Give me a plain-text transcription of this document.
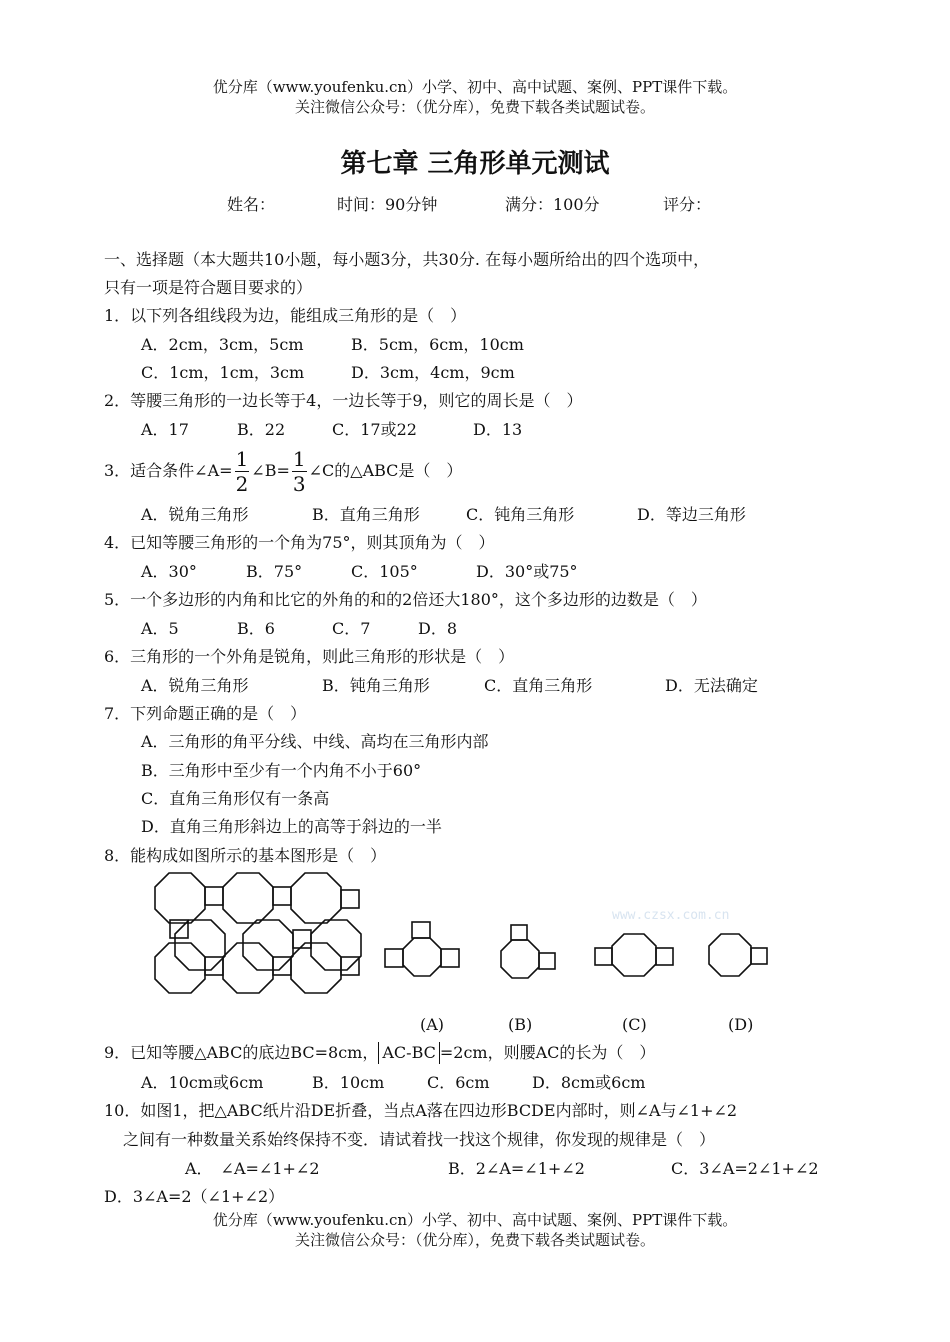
优分库（www.youfenku.cn）小学、初中、高中试题、案例、PPT课件下载。
关注微信公众号：（优分库），免费下载各类试题试卷。
第七章 三角形单元测试
姓名：	时间：90分钟	满分：100分	评分：
一、选择题（本大题共10小题，每小题3分，共30分. 在每小题所给出的四个选项中，
只有一项是符合题目要求的）
1．以下列各组线段为边，能组成三角形的是（　）
A．2cm，3cm，5cm	B．5cm，6cm，10cm
C．1cm，1cm，3cm	D．3cm，4cm，9cm
2．等腰三角形的一边长等于4，一边长等于9，则它的周长是（　）
A．17	B．22	C．17或22	D．13
3．适合条件∠A= $\frac{1}{2}$ ∠B= $\frac{1}{3}$ ∠C的△ABC是（　）
A．锐角三角形	B．直角三角形	C．钝角三角形	D．等边三角形
4．已知等腰三角形的一个角为75°，则其顶角为（　）
A．30°	B．75°	C．105°	D．30°或75°
5．一个多边形的内角和比它的外角的和的2倍还大180°，这个多边形的边数是（　）
A．5	B．6	C．7	D．8
6．三角形的一个外角是锐角，则此三角形的形状是（　）
A．锐角三角形	B．钝角三角形	C．直角三角形	D．无法确定
7．下列命题正确的是（　）
A．三角形的角平分线、中线、高均在三角形内部
B．三角形中至少有一个内角不小于60°
C．直角三角形仅有一条高
D．直角三角形斜边上的高等于斜边的一半
8．能构成如图所示的基本图形是（　）
www.czsx.com.cn
(A)	(B)	(C)	(D)
9．已知等腰△ABC的底边BC=8cm， AC-BC =2cm，则腰AC的长为（　）
A．10cm或6cm	B．10cm	C．6cm	D．8cm或6cm
10．如图1，把△ABC纸片沿DE折叠，当点A落在四边形BCDE内部时，则∠A与∠1+∠2
之间有一种数量关系始终保持不变．请试着找一找这个规律，你发现的规律是（　）
A．　∠A=∠1+∠2	B．2∠A=∠1+∠2	C．3∠A=2∠1+∠2
D．3∠A=2（∠1+∠2）
优分库（www.youfenku.cn）小学、初中、高中试题、案例、PPT课件下载。
关注微信公众号：（优分库），免费下载各类试题试卷。
